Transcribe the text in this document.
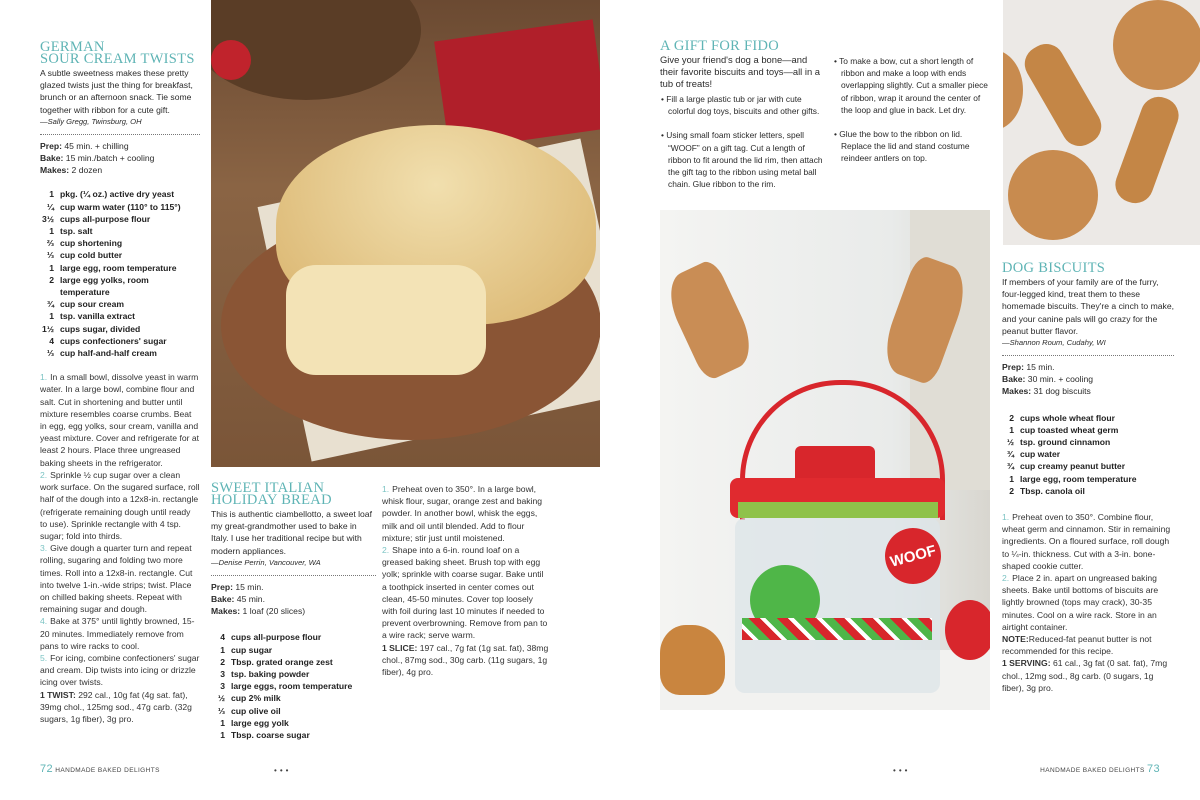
GERMAN
SOUR CREAM TWISTS
A subtle sweetness makes these pretty glazed twists just the thing for breakfast, brunch or an afternoon snack. Tie some together with ribbon for a cute gift.
—Sally Gregg, Twinsburg, OH
Prep: 45 min. + chilling
Bake: 15 min./batch + cooling
Makes: 2 dozen
1 pkg. (¼ oz.) active dry yeast
¼ cup warm water (110° to 115°)
3½ cups all-purpose flour
1 tsp. salt
⅔ cup shortening
⅓ cup cold butter
1 large egg, room temperature
2 large egg yolks, room temperature
¾ cup sour cream
1 tsp. vanilla extract
1½ cups sugar, divided
4 cups confectioners' sugar
⅓ cup half-and-half cream
1. In a small bowl, dissolve yeast in warm water. In a large bowl, combine flour and salt. Cut in shortening and butter until mixture resembles coarse crumbs. Beat in egg, egg yolks, sour cream, vanilla and yeast mixture. Cover and refrigerate for at least 2 hours. Place three ungreased baking sheets in the refrigerator.
2. Sprinkle ½ cup sugar over a clean work surface. On the sugared surface, roll half of the dough into a 12x8-in. rectangle (refrigerate remaining dough until ready to use). Sprinkle rectangle with 4 tsp. sugar; fold into thirds.
3. Give dough a quarter turn and repeat rolling, sugaring and folding two more times. Roll into a 12x8-in. rectangle. Cut into twelve 1-in.-wide strips; twist. Place on chilled baking sheets. Repeat with remaining sugar and dough.
4. Bake at 375° until lightly browned, 15-20 minutes. Immediately remove from pans to wire racks to cool.
5. For icing, combine confectioners' sugar and cream. Dip twists into icing or drizzle icing over twists.
1 TWIST: 292 cal., 10g fat (4g sat. fat), 39mg chol., 125mg sod., 47g carb. (32g sugars, 1g fiber), 3g pro.
SWEET ITALIAN
HOLIDAY BREAD
This is authentic ciambellotto, a sweet loaf my great-grandmother used to bake in Italy. I use her traditional recipe but with modern appliances.
—Denise Perrin, Vancouver, WA
Prep: 15 min.
Bake: 45 min.
Makes: 1 loaf (20 slices)
4 cups all-purpose flour
1 cup sugar
2 Tbsp. grated orange zest
3 tsp. baking powder
3 large eggs, room temperature
½ cup 2% milk
⅓ cup olive oil
1 large egg yolk
1 Tbsp. coarse sugar
1. Preheat oven to 350°. In a large bowl, whisk flour, sugar, orange zest and baking powder. In another bowl, whisk the eggs, milk and oil until blended. Add to flour mixture; stir just until moistened.
2. Shape into a 6-in. round loaf on a greased baking sheet. Brush top with egg yolk; sprinkle with coarse sugar. Bake until a toothpick inserted in center comes out clean, 45-50 minutes. Cover top loosely with foil during last 10 minutes if needed to prevent overbrowning. Remove from pan to a wire rack; serve warm.
1 SLICE: 197 cal., 7g fat (1g sat. fat), 38mg chol., 87mg sod., 30g carb. (11g sugars, 1g fiber), 4g pro.
A GIFT FOR FIDO
Give your friend's dog a bone—and their favorite biscuits and toys—all in a tub of treats!
• Fill a large plastic tub or jar with cute colorful dog toys, biscuits and other gifts.
• Using small foam sticker letters, spell “WOOF” on a gift tag. Cut a length of ribbon to fit around the lid rim, then attach the gift tag to the ribbon using metal ball chain. Glue ribbon to the rim.
• To make a bow, cut a short length of ribbon and make a loop with ends overlapping slightly. Cut a smaller piece of ribbon, wrap it around the center of the loop and glue in back. Let dry.
• Glue the bow to the ribbon on lid. Replace the lid and stand costume reindeer antlers on top.
WOOF
DOG BISCUITS
If members of your family are of the furry, four-legged kind, treat them to these homemade biscuits. They're a cinch to make, and your canine pals will go crazy for the peanut butter flavor.
—Shannon Roum, Cudahy, WI
Prep: 15 min.
Bake: 30 min. + cooling
Makes: 31 dog biscuits
2 cups whole wheat flour
1 cup toasted wheat germ
½ tsp. ground cinnamon
¾ cup water
¾ cup creamy peanut butter
1 large egg, room temperature
2 Tbsp. canola oil
1. Preheat oven to 350°. Combine flour, wheat germ and cinnamon. Stir in remaining ingredients. On a floured surface, roll dough to ¼-in. thickness. Cut with a 3-in. bone-shaped cookie cutter.
2. Place 2 in. apart on ungreased baking sheets. Bake until bottoms of biscuits are lightly browned (tops may crack), 30-35 minutes. Cool on a wire rack. Store in an airtight container.
NOTE:Reduced-fat peanut butter is not recommended for this recipe.
1 SERVING: 61 cal., 3g fat (0 sat. fat), 7mg chol., 12mg sod., 8g carb. (0 sugars, 1g fiber), 3g pro.
72 HANDMADE BAKED DELIGHTS	• • •	• • •	HANDMADE BAKED DELIGHTS 73
